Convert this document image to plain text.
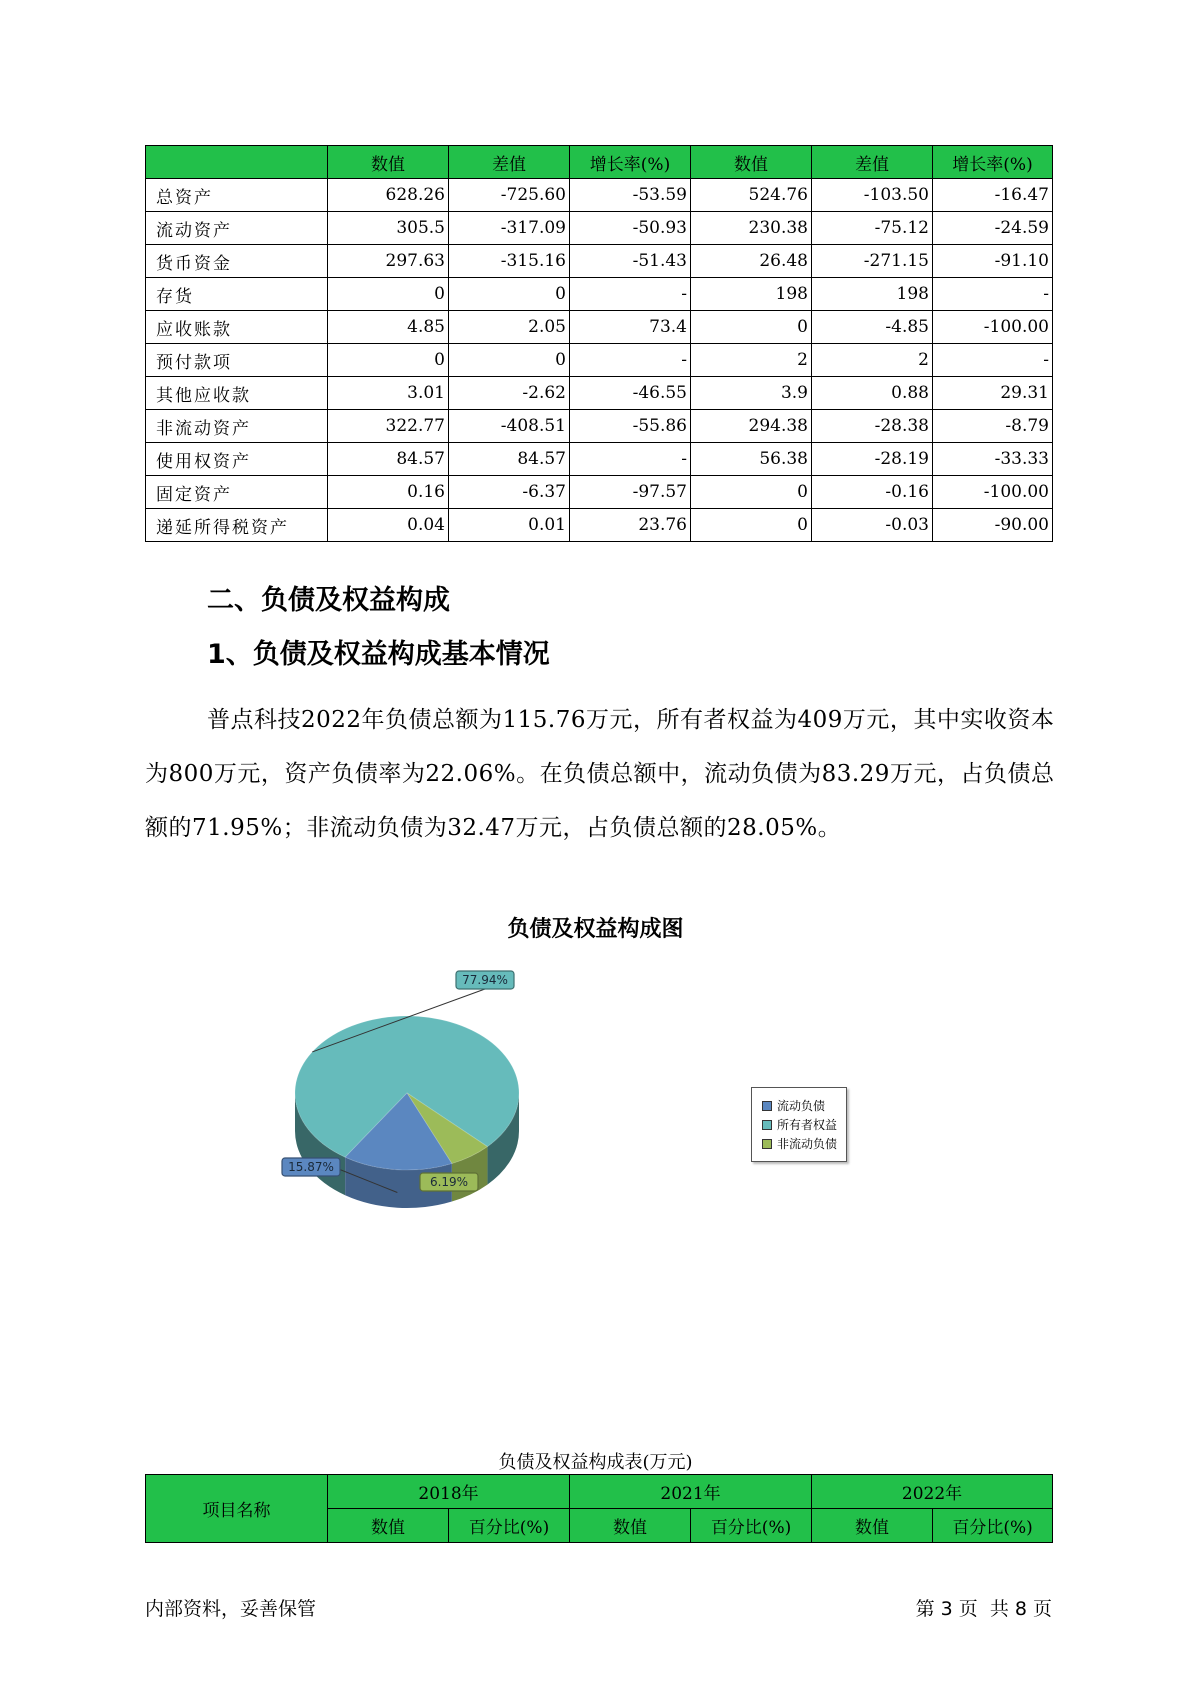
	数值	差值	增长率(%)	数值	差值	增长率(%)
总资产	628.26	-725.60	-53.59	524.76	-103.50	-16.47
流动资产	305.5	-317.09	-50.93	230.38	-75.12	-24.59
货币资金	297.63	-315.16	-51.43	26.48	-271.15	-91.10
存货	0	0	-	198	198	-
应收账款	4.85	2.05	73.4	0	-4.85	-100.00
预付款项	0	0	-	2	2	-
其他应收款	3.01	-2.62	-46.55	3.9	0.88	29.31
非流动资产	322.77	-408.51	-55.86	294.38	-28.38	-8.79
使用权资产	84.57	84.57	-	56.38	-28.19	-33.33
固定资产	0.16	-6.37	-97.57	0	-0.16	-100.00
递延所得税资产	0.04	0.01	23.76	0	-0.03	-90.00
二、负债及权益构成
1、负债及权益构成基本情况

普点科技2022年负债总额为115.76万元，所有者权益为409万元，其中实收资本为800万元，资产负债率为22.06%。在负债总额中，流动负债为83.29万元，占负债总额的71.95%；非流动负债为32.47万元，占负债总额的28.05%。

负债及权益构成图
77.94%
15.87%
6.19%
流动负债
所有者权益
非流动负债
负债及权益构成表(万元)
项目名称	2018年		2021年		2022年	
	数值	百分比(%)	数值	百分比(%)	数值	百分比(%)
内部资料，妥善保管	第 3 页  共 8 页
